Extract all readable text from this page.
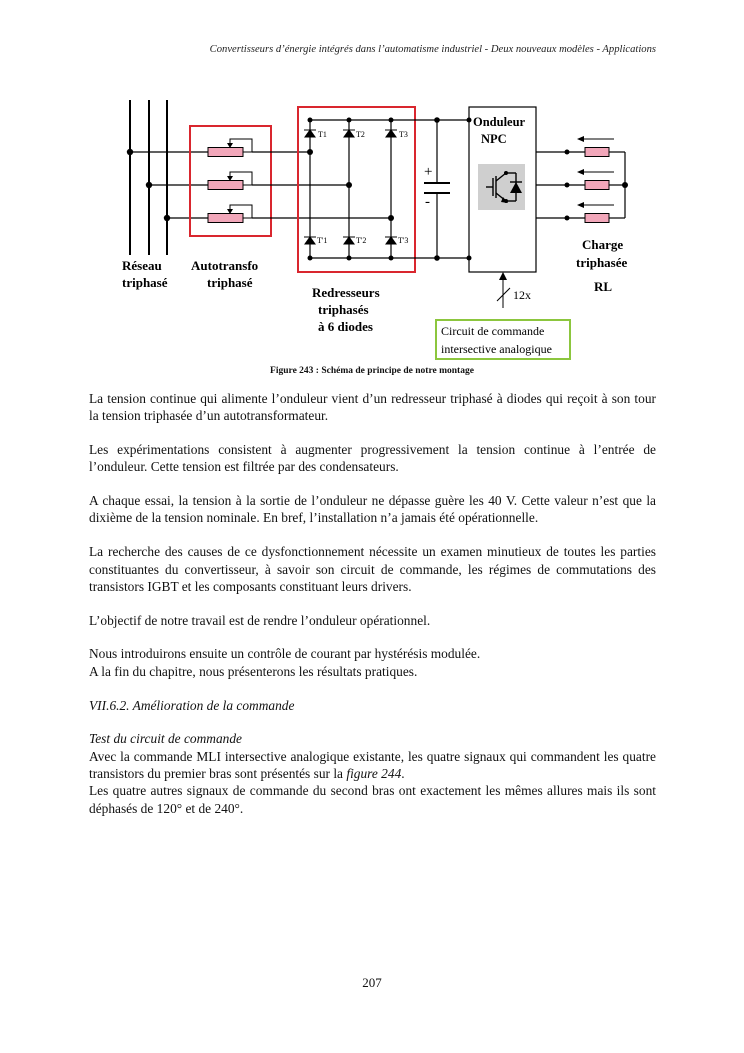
Convertisseurs d’énergie intégrés dans l’automatisme industriel - Deux nouveaux modèles - Applications
T1	T2	T3
T'1	T'2	T'3
+
-
Onduleur
NPC
12x
Circuit de commande
intersective analogique
Réseau
triphasé
Autotransfo
triphasé
Redresseurs
triphasés
à 6 diodes
Charge
triphasée
RL
Figure 243 : Schéma de principe de notre montage

La tension continue qui alimente l’onduleur vient d’un redresseur triphasé à diodes qui reçoit à son tour la tension triphasée d’un autotransformateur.

Les expérimentations consistent à augmenter progressivement la tension continue à l’entrée de l’onduleur. Cette tension est filtrée par des condensateurs.

A chaque essai, la tension à la sortie de l’onduleur ne dépasse guère les 40 V. Cette valeur n’est que la dixième de la tension nominale. En bref, l’installation n’a jamais été opérationnelle.

La recherche des causes de ce dysfonctionnement nécessite un examen minutieux de toutes les parties constituantes du convertisseur, à savoir son circuit de commande, les régimes de commutations des transistors IGBT et les composants constituant leurs drivers.

L’objectif de notre travail est de rendre l’onduleur opérationnel.

Nous introduirons ensuite un contrôle de courant par hystérésis modulée.

A la fin du chapitre, nous présenterons les résultats pratiques.

VII.6.2. Amélioration de la commande

Test du circuit de commande

Avec la commande MLI intersective analogique existante, les quatre signaux qui commandent les quatre transistors du premier bras sont présentés sur la figure 244.

Les quatre autres signaux de commande du second bras ont exactement les mêmes allures mais ils sont déphasés de 120° et de 240°.

207
